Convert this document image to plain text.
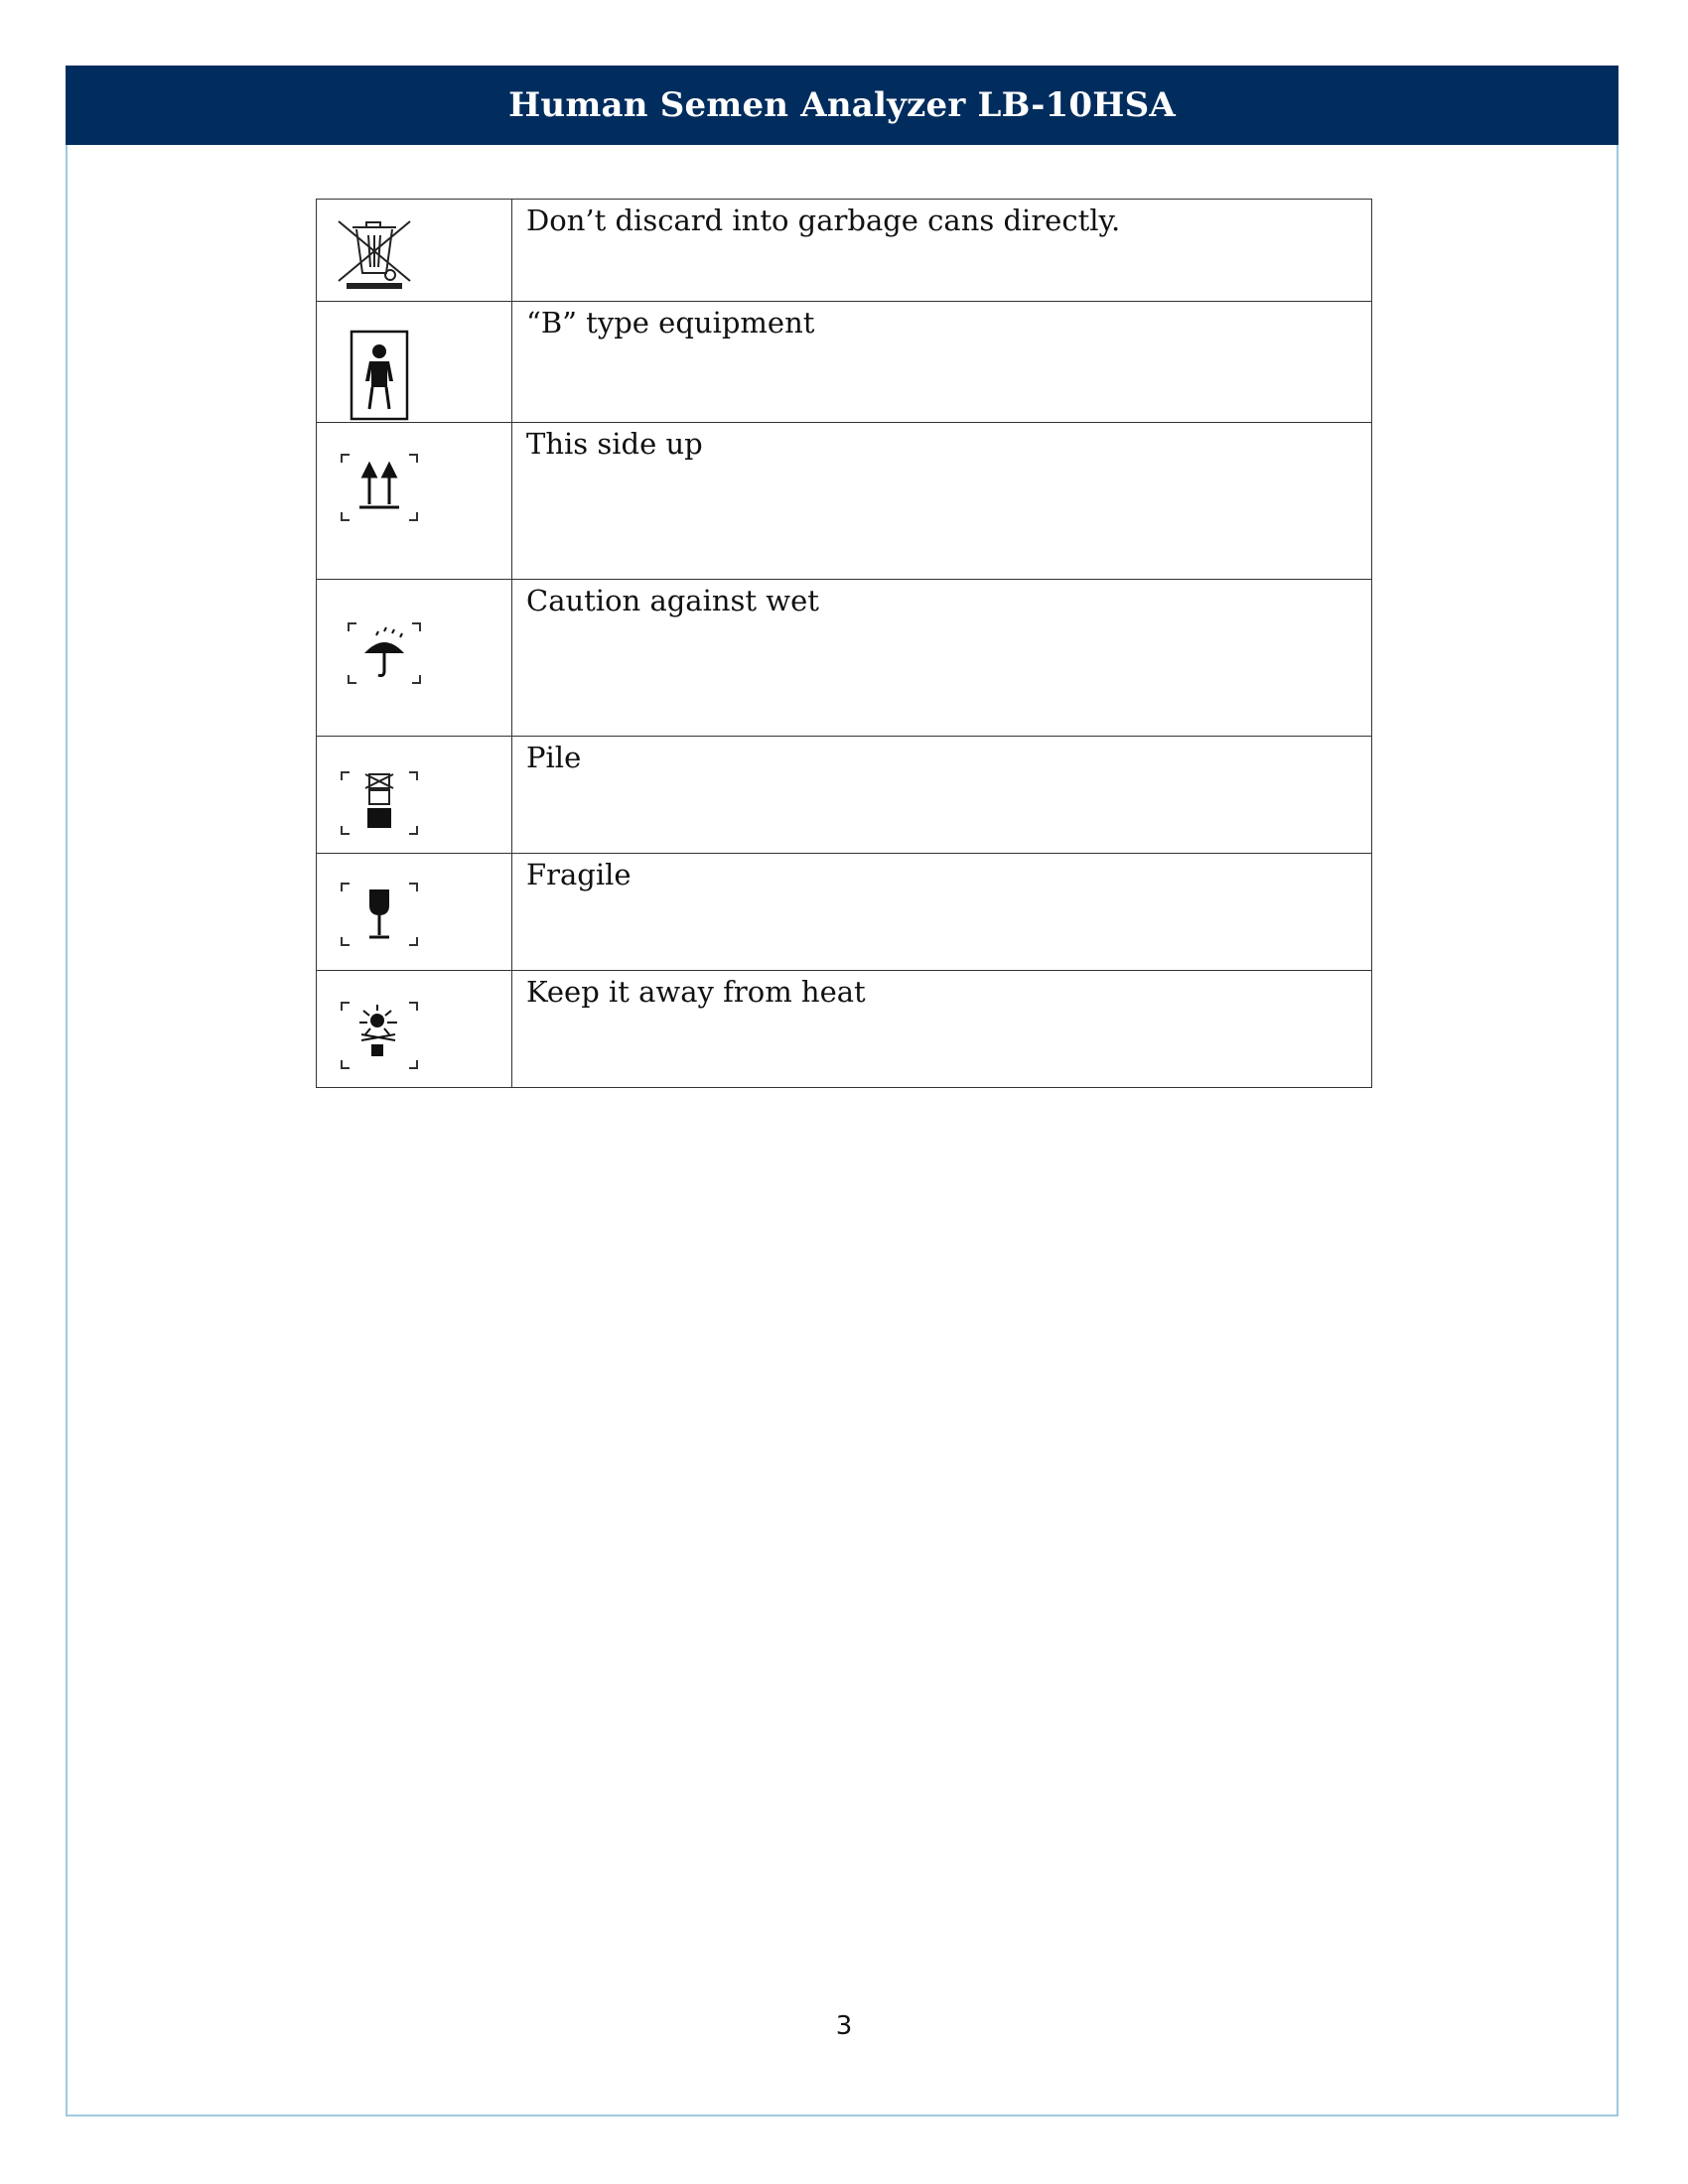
Human Semen Analyzer LB-10HSA

Don’t discard into garbage cans directly.

“B” type equipment

This side up

Caution against wet

Pile

Fragile

Keep it away from heat
3
